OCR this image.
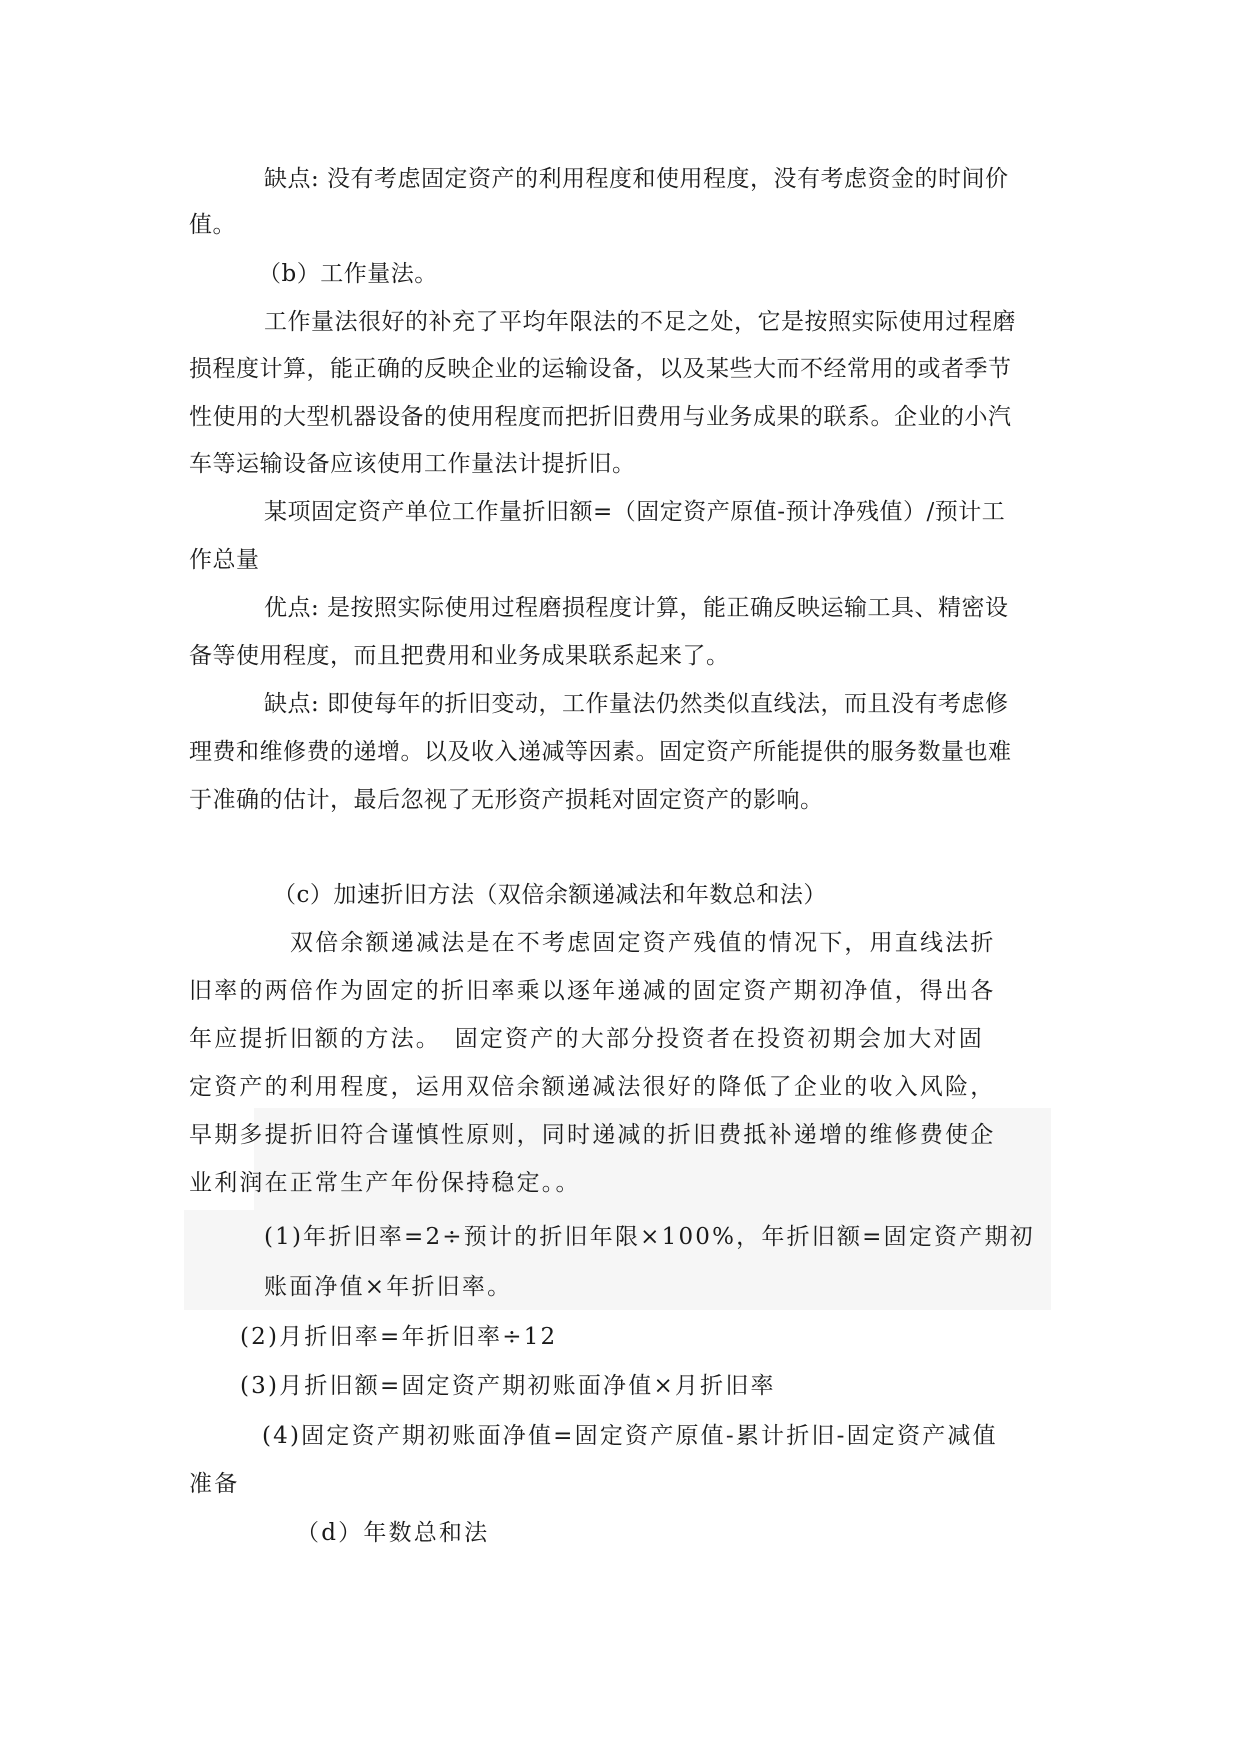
缺点: 没有考虑固定资产的利用程度和使用程度，没有考虑资金的时间价
值。
（b）工作量法。
工作量法很好的补充了平均年限法的不足之处，它是按照实际使用过程磨
损程度计算，能正确的反映企业的运输设备，以及某些大而不经常用的或者季节
性使用的大型机器设备的使用程度而把折旧费用与业务成果的联系。企业的小汽
车等运输设备应该使用工作量法计提折旧。
某项固定资产单位工作量折旧额=（固定资产原值-预计净残值）/预计工
作总量
优点: 是按照实际使用过程磨损程度计算，能正确反映运输工具、精密设
备等使用程度，而且把费用和业务成果联系起来了。
缺点: 即使每年的折旧变动，工作量法仍然类似直线法，而且没有考虑修
理费和维修费的递增。以及收入递减等因素。固定资产所能提供的服务数量也难
于准确的估计，最后忽视了无形资产损耗对固定资产的影响。
（c）加速折旧方法（双倍余额递减法和年数总和法）
双倍余额递减法是在不考虑固定资产残值的情况下，用直线法折
旧率的两倍作为固定的折旧率乘以逐年递减的固定资产期初净值，得出各
年应提折旧额的方法。　固定资产的大部分投资者在投资初期会加大对固
定资产的利用程度，运用双倍余额递减法很好的降低了企业的收入风险，
早期多提折旧符合谨慎性原则，同时递减的折旧费抵补递增的维修费使企
业利润在正常生产年份保持稳定。。
(1)年折旧率=2÷预计的折旧年限×100%，年折旧额=固定资产期初
账面净值×年折旧率。
(2)月折旧率=年折旧率÷12
(3)月折旧额=固定资产期初账面净值×月折旧率
(4)固定资产期初账面净值=固定资产原值-累计折旧-固定资产减值
准备
（d）年数总和法
